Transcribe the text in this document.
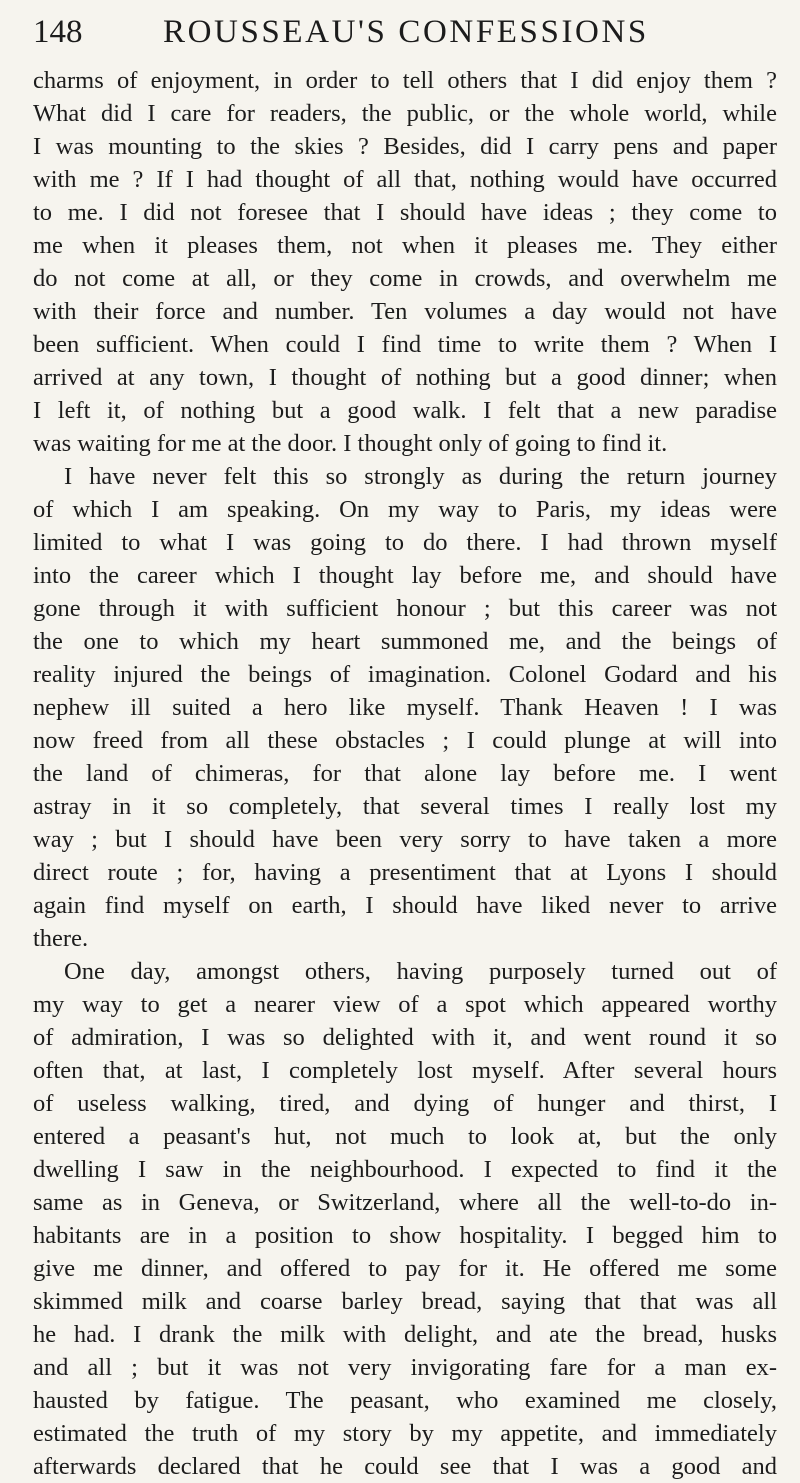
148	ROUSSEAU'S CONFESSIONS
charms of enjoyment, in order to tell others that I did enjoy them ?
What did I care for readers, the public, or the whole world, while
I was mounting to the skies ? Besides, did I carry pens and paper
with me ? If I had thought of all that, nothing would have occurred
to me. I did not foresee that I should have ideas ; they come to
me when it pleases them, not when it pleases me. They either
do not come at all, or they come in crowds, and overwhelm me
with their force and number. Ten volumes a day would not have
been sufficient. When could I find time to write them ? When I
arrived at any town, I thought of nothing but a good dinner; when
I left it, of nothing but a good walk. I felt that a new paradise
was waiting for me at the door. I thought only of going to find it.
I have never felt this so strongly as during the return journey
of which I am speaking. On my way to Paris, my ideas were
limited to what I was going to do there. I had thrown myself
into the career which I thought lay before me, and should have
gone through it with sufficient honour ; but this career was not
the one to which my heart summoned me, and the beings of
reality injured the beings of imagination. Colonel Godard and his
nephew ill suited a hero like myself. Thank Heaven ! I was
now freed from all these obstacles ; I could plunge at will into
the land of chimeras, for that alone lay before me. I went
astray in it so completely, that several times I really lost my
way ; but I should have been very sorry to have taken a more
direct route ; for, having a presentiment that at Lyons I should
again find myself on earth, I should have liked never to arrive
there.
One day, amongst others, having purposely turned out of
my way to get a nearer view of a spot which appeared worthy
of admiration, I was so delighted with it, and went round it so
often that, at last, I completely lost myself. After several hours
of useless walking, tired, and dying of hunger and thirst, I
entered a peasant's hut, not much to look at, but the only
dwelling I saw in the neighbourhood. I expected to find it the
same as in Geneva, or Switzerland, where all the well-to-do in-
habitants are in a position to show hospitality. I begged him to
give me dinner, and offered to pay for it. He offered me some
skimmed milk and coarse barley bread, saying that that was all
he had. I drank the milk with delight, and ate the bread, husks
and all ; but it was not very invigorating fare for a man ex-
hausted by fatigue. The peasant, who examined me closely,
estimated the truth of my story by my appetite, and immediately
afterwards declared that he could see that I was a good and
